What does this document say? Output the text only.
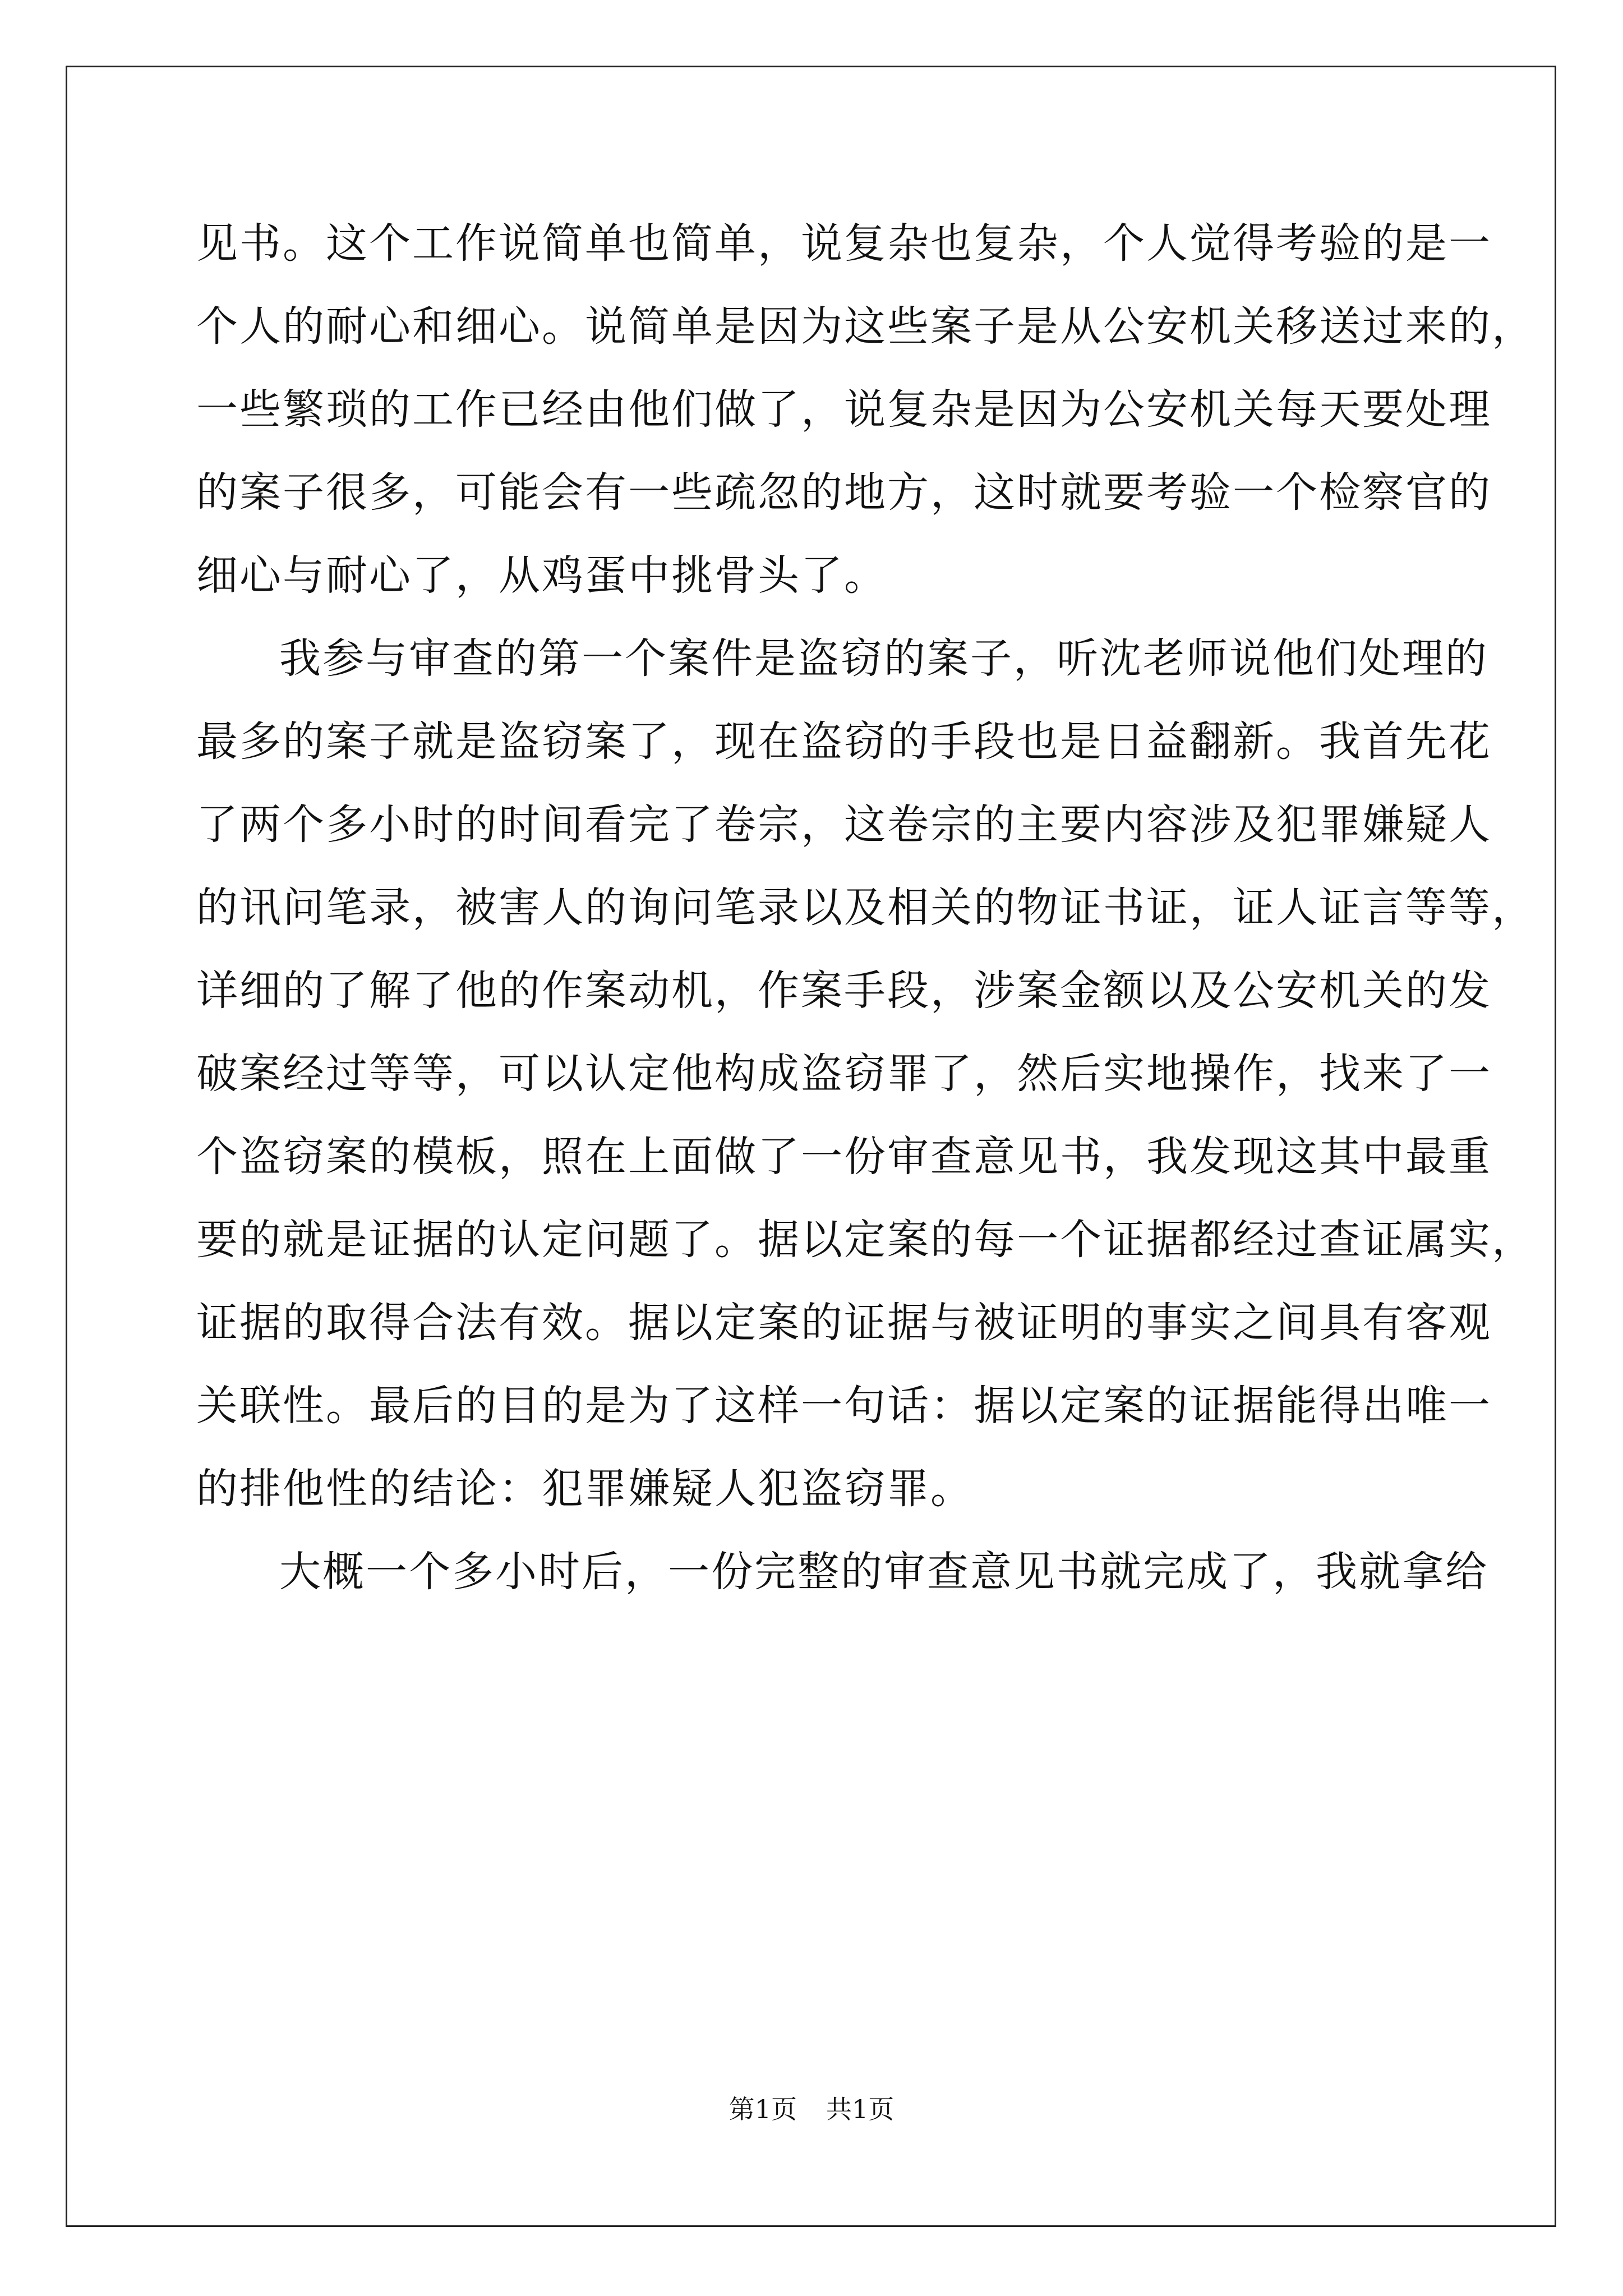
见书。这个工作说简单也简单，说复杂也复杂，个人觉得考验的是一
个人的耐心和细心。说简单是因为这些案子是从公安机关移送过来的，
一些繁琐的工作已经由他们做了，说复杂是因为公安机关每天要处理
的案子很多，可能会有一些疏忽的地方，这时就要考验一个检察官的
细心与耐心了，从鸡蛋中挑骨头了。
我参与审查的第一个案件是盗窃的案子，听沈老师说他们处理的
最多的案子就是盗窃案了，现在盗窃的手段也是日益翻新。我首先花
了两个多小时的时间看完了卷宗，这卷宗的主要内容涉及犯罪嫌疑人
的讯问笔录，被害人的询问笔录以及相关的物证书证，证人证言等等，
详细的了解了他的作案动机，作案手段，涉案金额以及公安机关的发
破案经过等等，可以认定他构成盗窃罪了，然后实地操作，找来了一
个盗窃案的模板，照在上面做了一份审查意见书，我发现这其中最重
要的就是证据的认定问题了。据以定案的每一个证据都经过查证属实，
证据的取得合法有效。据以定案的证据与被证明的事实之间具有客观
关联性。最后的目的是为了这样一句话：据以定案的证据能得出唯一
的排他性的结论：犯罪嫌疑人犯盗窃罪。
大概一个多小时后，一份完整的审查意见书就完成了，我就拿给
第1页 共1页
